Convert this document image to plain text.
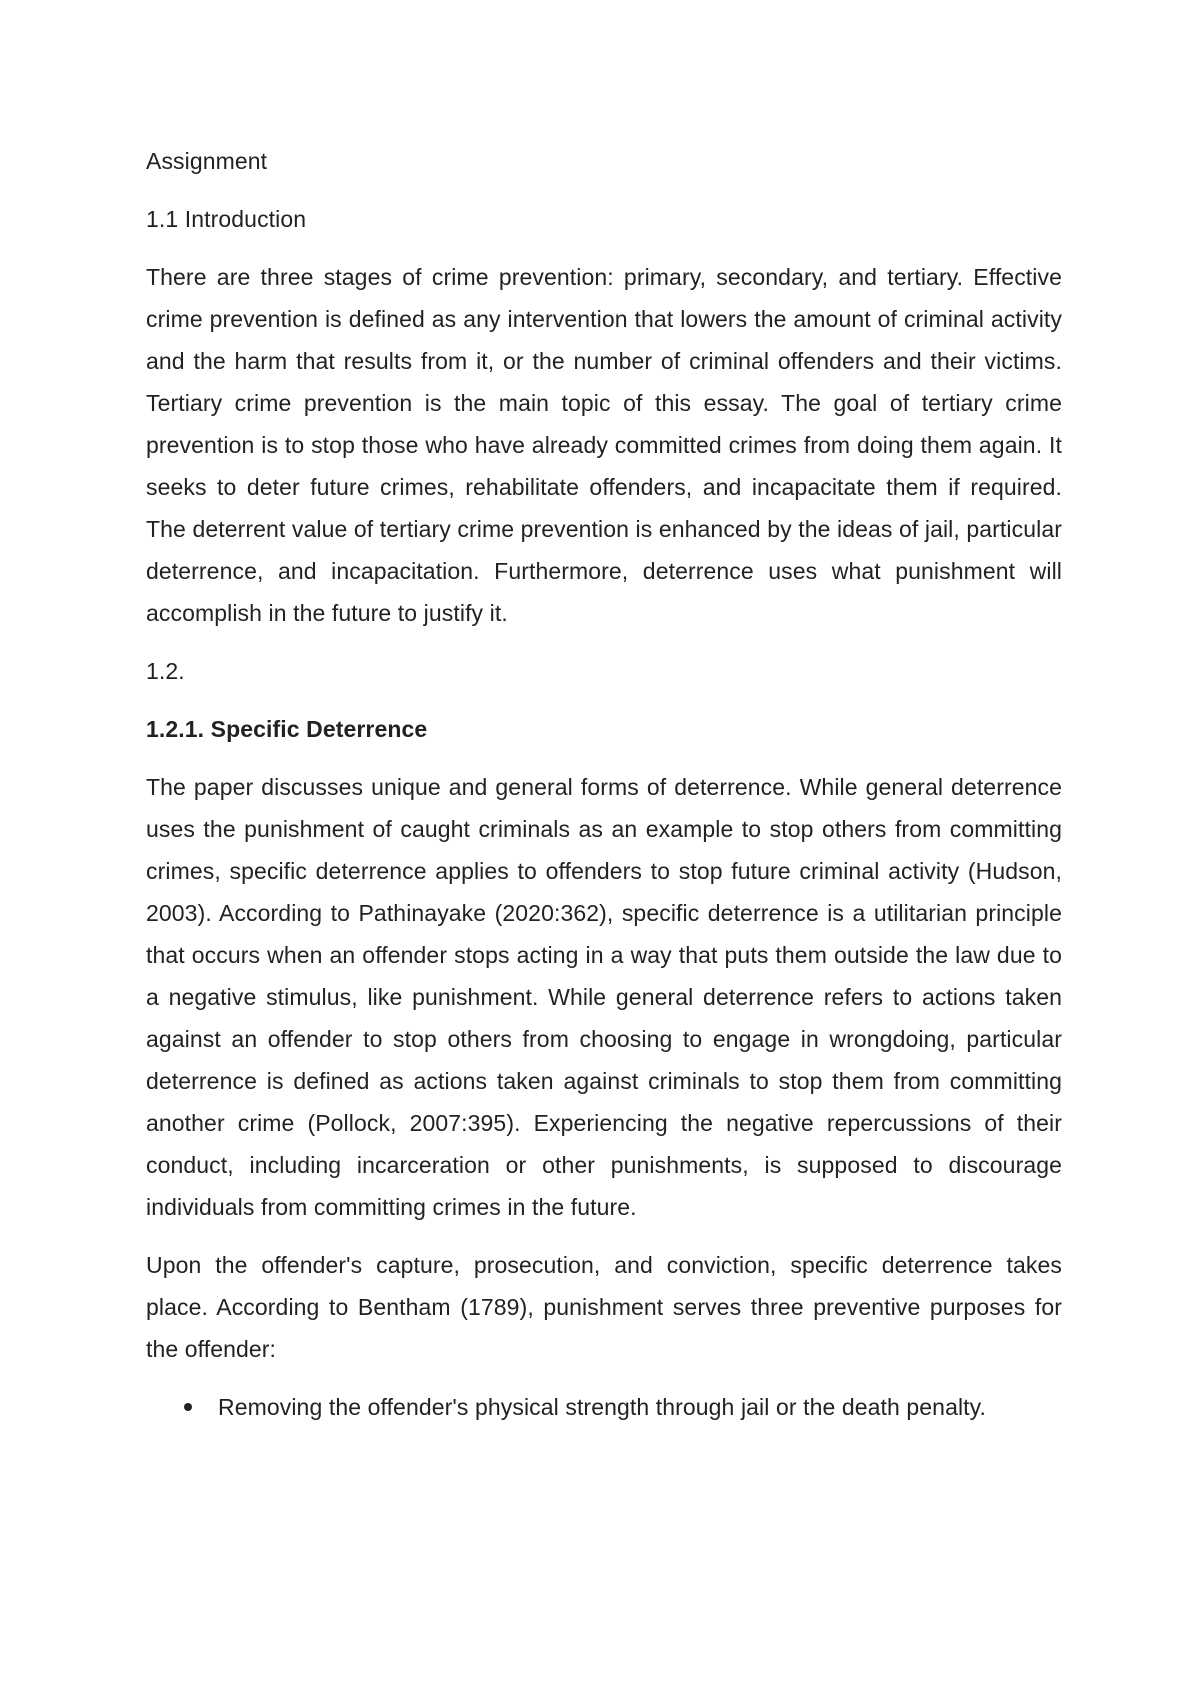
Assignment

1.1 Introduction

There are three stages of crime prevention: primary, secondary, and tertiary. Effective crime prevention is defined as any intervention that lowers the amount of criminal activity and the harm that results from it, or the number of criminal offenders and their victims. Tertiary crime prevention is the main topic of this essay. The goal of tertiary crime prevention is to stop those who have already committed crimes from doing them again. It seeks to deter future crimes, rehabilitate offenders, and incapacitate them if required. The deterrent value of tertiary crime prevention is enhanced by the ideas of jail, particular deterrence, and incapacitation. Furthermore, deterrence uses what punishment will accomplish in the future to justify it.

1.2.

1.2.1. Specific Deterrence

The paper discusses unique and general forms of deterrence. While general deterrence uses the punishment of caught criminals as an example to stop others from committing crimes, specific deterrence applies to offenders to stop future criminal activity (Hudson, 2003). According to Pathinayake (2020:362), specific deterrence is a utilitarian principle that occurs when an offender stops acting in a way that puts them outside the law due to a negative stimulus, like punishment. While general deterrence refers to actions taken against an offender to stop others from choosing to engage in wrongdoing, particular deterrence is defined as actions taken against criminals to stop them from committing another crime (Pollock, 2007:395). Experiencing the negative repercussions of their conduct, including incarceration or other punishments, is supposed to discourage individuals from committing crimes in the future.

Upon the offender's capture, prosecution, and conviction, specific deterrence takes place. According to Bentham (1789), punishment serves three preventive purposes for the offender:

Removing the offender's physical strength through jail or the death penalty.
